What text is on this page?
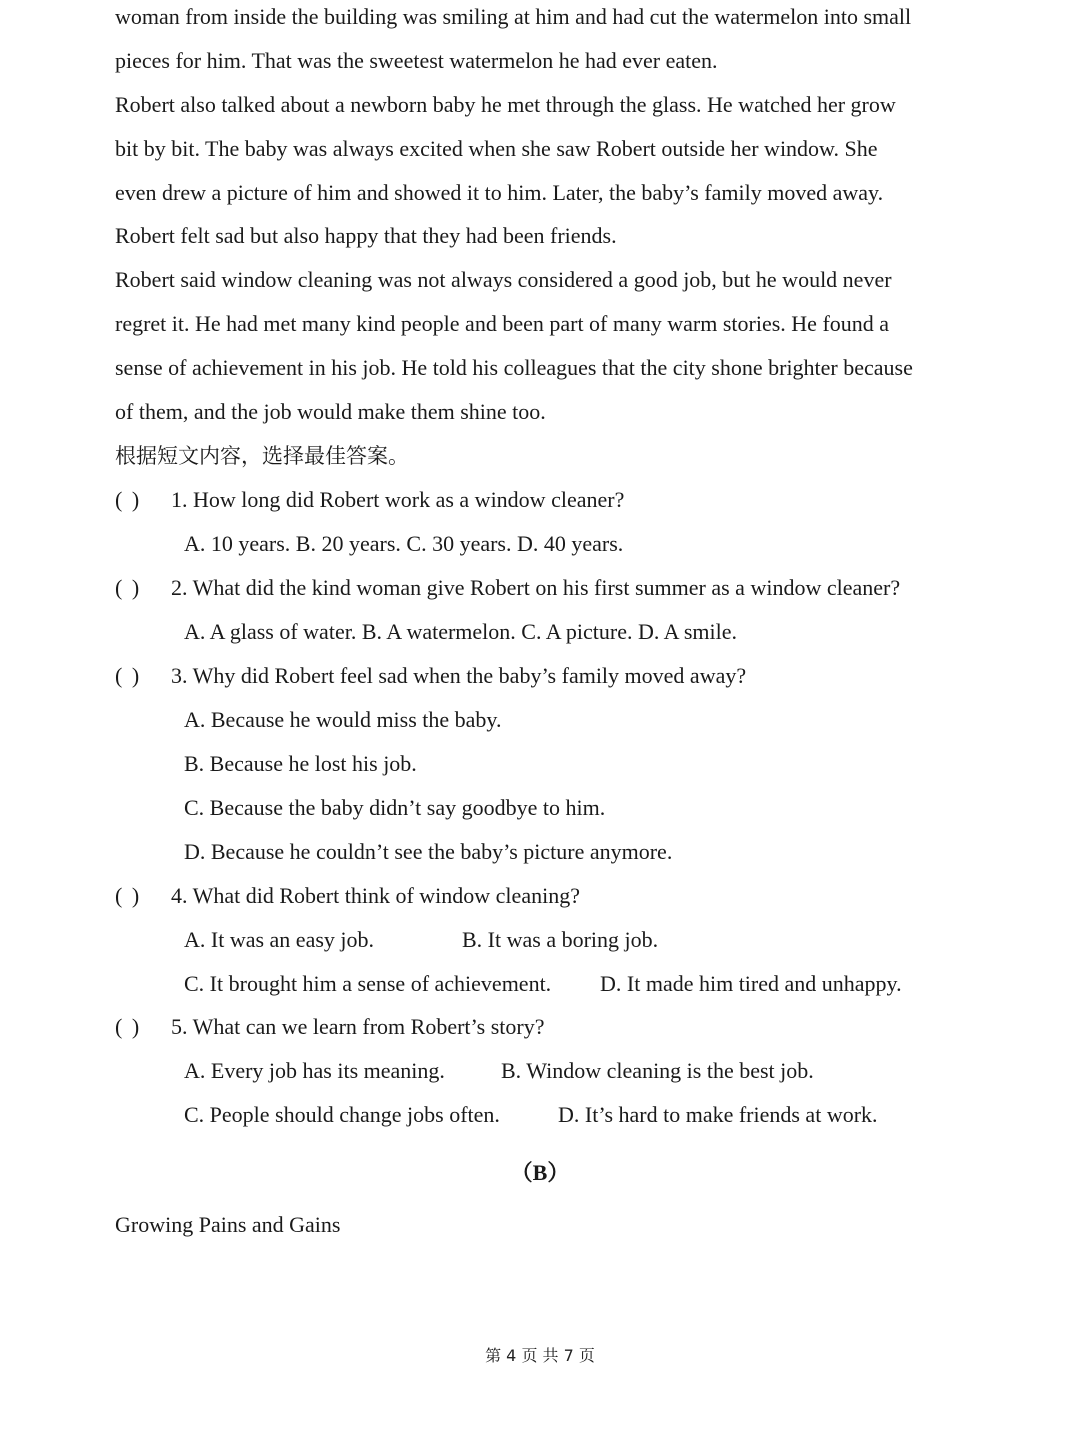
woman from inside the building was smiling at him and had cut the watermelon into small
pieces for him. That was the sweetest watermelon he had ever eaten.
Robert also talked about a newborn baby he met through the glass. He watched her grow
bit by bit. The baby was always excited when she saw Robert outside her window. She
even drew a picture of him and showed it to him. Later, the baby’s family moved away.
Robert felt sad but also happy that they had been friends.
Robert said window cleaning was not always considered a good job, but he would never
regret it. He had met many kind people and been part of many warm stories. He found a
sense of achievement in his job. He told his colleagues that the city shone brighter because
of them, and the job would make them shine too.
根据短文内容，选择最佳答案。
( ) 1. How long did Robert work as a window cleaner?
A. 10 years. B. 20 years. C. 30 years. D. 40 years.
( ) 2. What did the kind woman give Robert on his first summer as a window cleaner?
A. A glass of water. B. A watermelon. C. A picture. D. A smile.
( ) 3. Why did Robert feel sad when the baby’s family moved away?
A. Because he would miss the baby.
B. Because he lost his job.
C. Because the baby didn’t say goodbye to him.
D. Because he couldn’t see the baby’s picture anymore.
( ) 4. What did Robert think of window cleaning?
A. It was an easy job.	B. It was a boring job.
C. It brought him a sense of achievement. D. It made him tired and unhappy.
( ) 5. What can we learn from Robert’s story?
A. Every job has its meaning.	B. Window cleaning is the best job.
C. People should change jobs often.	D. It’s hard to make friends at work.
（B）
Growing Pains and Gains
第 4 页 共 7 页
